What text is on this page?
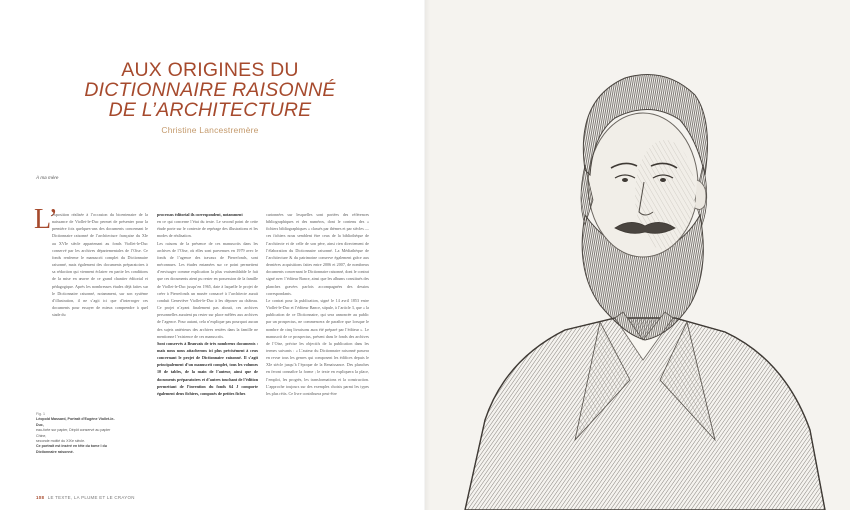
AUX ORIGINES DU
DICTIONNAIRE RAISONNÉ
DE L’ARCHITECTURE
Christine Lancestremère
À ma mère
L’

exposition réalisée à l’occasion du bicentenaire de la naissance de Viollet-le-Duc permet de présenter pour la première fois quelques-uns des documents concernant le Dictionnaire raisonné de l’architecture française du XIe au XVIe siècle appartenant au fonds Viollet-le-Duc conservé par les archives départementales de l’Oise. Ce fonds renferme le manuscrit complet du Dictionnaire raisonné, mais également des documents préparatoires à sa rédaction qui viennent éclairer en partie les conditions de la mise en œuvre de ce grand chantier éditorial et pédagogique. Après les nombreuses études déjà faites sur le Dictionnaire raisonné, notamment, sur son système d’illustration, il ne s’agit ici que d’interroger ces documents pour essayer de mieux comprendre à quel stade du

processus éditorial ils correspondent, notamment

en ce qui concerne l’état du texte. Le second point de cette étude porte sur le contexte de repérage des illustrations et les modes de réalisation.

Les raisons de la présence de ces manuscrits dans les archives de l’Oise, où elles sont parvenues en 1979 avec le fonds de l’agence des travaux de Pierrefonds, sont méconnues. Les études entamées sur ce point permettent d’envisager comme explication la plus vraisemblable le fait que ces documents aient pu rester en possession de la famille de Viollet-le-Duc jusqu’en 1965, date à laquelle le projet de créer à Pierrefonds un musée consacré à l’architecte aurait conduit Geneviève Viollet-le-Duc à les déposer au château. Ce projet n’ayant finalement pas abouti, ces archives personnelles auraient pu rester sur place mêlées aux archives de l’agence. Pour autant, cela n’explique pas pourquoi aucun des sujets antérieurs des archives restées dans la famille ne mentionne l’existence de ces manuscrits.

Sont conservés à Beauvais de très nombreux documents : mais nous nous attacherons ici plus précisément à ceux concernant le projet de Dictionnaire raisonné. Il s’agit principalement d’un manuscrit complet, tous les volumes 10 de tables, de la main de l’auteur, ainsi que de documents préparatoires et d’autres touchant de l’édition permettant de l’invention du fonds 64 J comporte également deux fichiers, composés de petites fiches

cartonnées sur lesquelles sont portées des références bibliographiques et des numéros, dont le contenu des « fichiers bibliographiques » classés par thèmes et par siècles — ces fichiers nous semblent être ceux de la bibliothèque de l’architecte et de celle de son père, ainsi rien directement de l’élaboration du Dictionnaire raisonné. La Médiathèque de l’architecture & du patrimoine conserve également grâce aux dernières acquisitions faites entre 2006 et 2007, de nombreux documents concernant le Dictionnaire raisonné, dont le contrat signé avec l’éditeur Bance, ainsi que les albums constitués des planches gravées parfois accompagnées des dessins correspondants.

Le contrat pour la publication, signé le 14 avril 1853 entre Viollet-le-Duc et l’éditeur Bance, stipule, à l’article 3, que « la publication de ce Dictionnaire, qui sera annoncée au public par un prospectus, ne commencera de paraître que lorsque le nombre de cinq livraisons aura été préparé par l’éditeur ». Le manuscrit de ce prospectus, présent dans le fonds des archives de l’Oise, précise les objectifs de la publication dans les termes suivants : « L’auteur du Dictionnaire raisonné passera en revue tous les genres qui composent les édifices depuis le XIe siècle jusqu’à l’époque de la Renaissance. Des planches en feront connaître la forme ; le texte en expliquera la place, l’emploi, les progrès, les transformations et la construction. L’approche toujours sur des exemples choisis parmi les types les plus rétis. Ce livre contribuera peut-être

Fig. 1
Léopold Massard, Portrait d’Eugène Viollet-le-Duc,
eau-forte sur papier, Dépôt conservé au papier Chine,
seconde moitié du XIXe siècle.
Ce portrait est inséré en tête du tome I du Dictionnaire raisonné.
108 LE TEXTE, LA PLUME ET LE CRAYON
